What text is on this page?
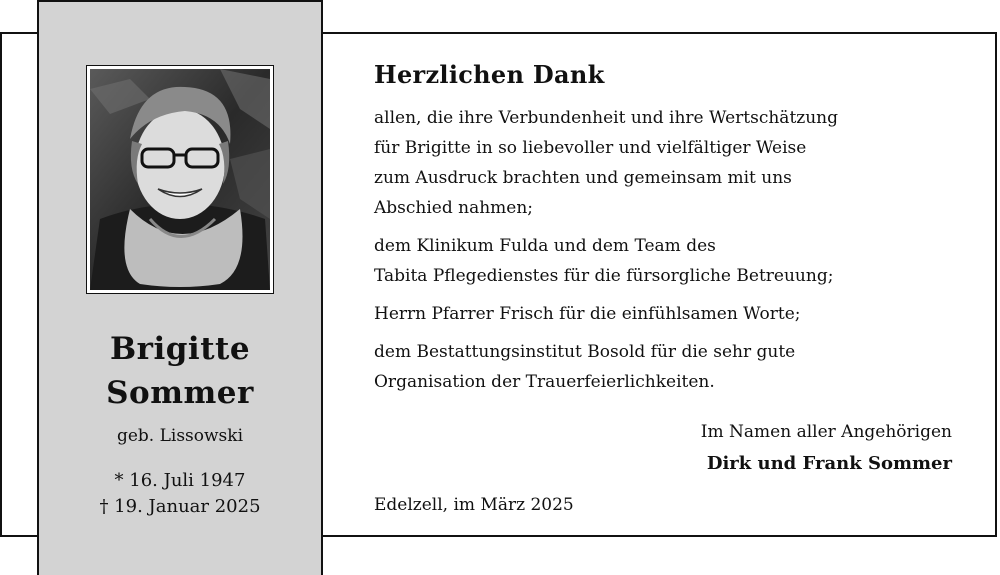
Brigitte
Sommer
geb. Lissowski
* 16. Juli 1947
† 19. Januar 2025
Herzlichen Dank
allen, die ihre Verbundenheit und ihre Wertschätzung
für Brigitte in so liebevoller und vielfältiger Weise
zum Ausdruck brachten und gemeinsam mit uns
Abschied nahmen;
dem Klinikum Fulda und dem Team des
Tabita Pflegedienstes für die fürsorgliche Betreuung;
Herrn Pfarrer Frisch für die einfühlsamen Worte;
dem Bestattungsinstitut Bosold für die sehr gute
Organisation der Trauerfeierlichkeiten.
Im Namen aller Angehörigen
Dirk und Frank Sommer
Edelzell, im März 2025
